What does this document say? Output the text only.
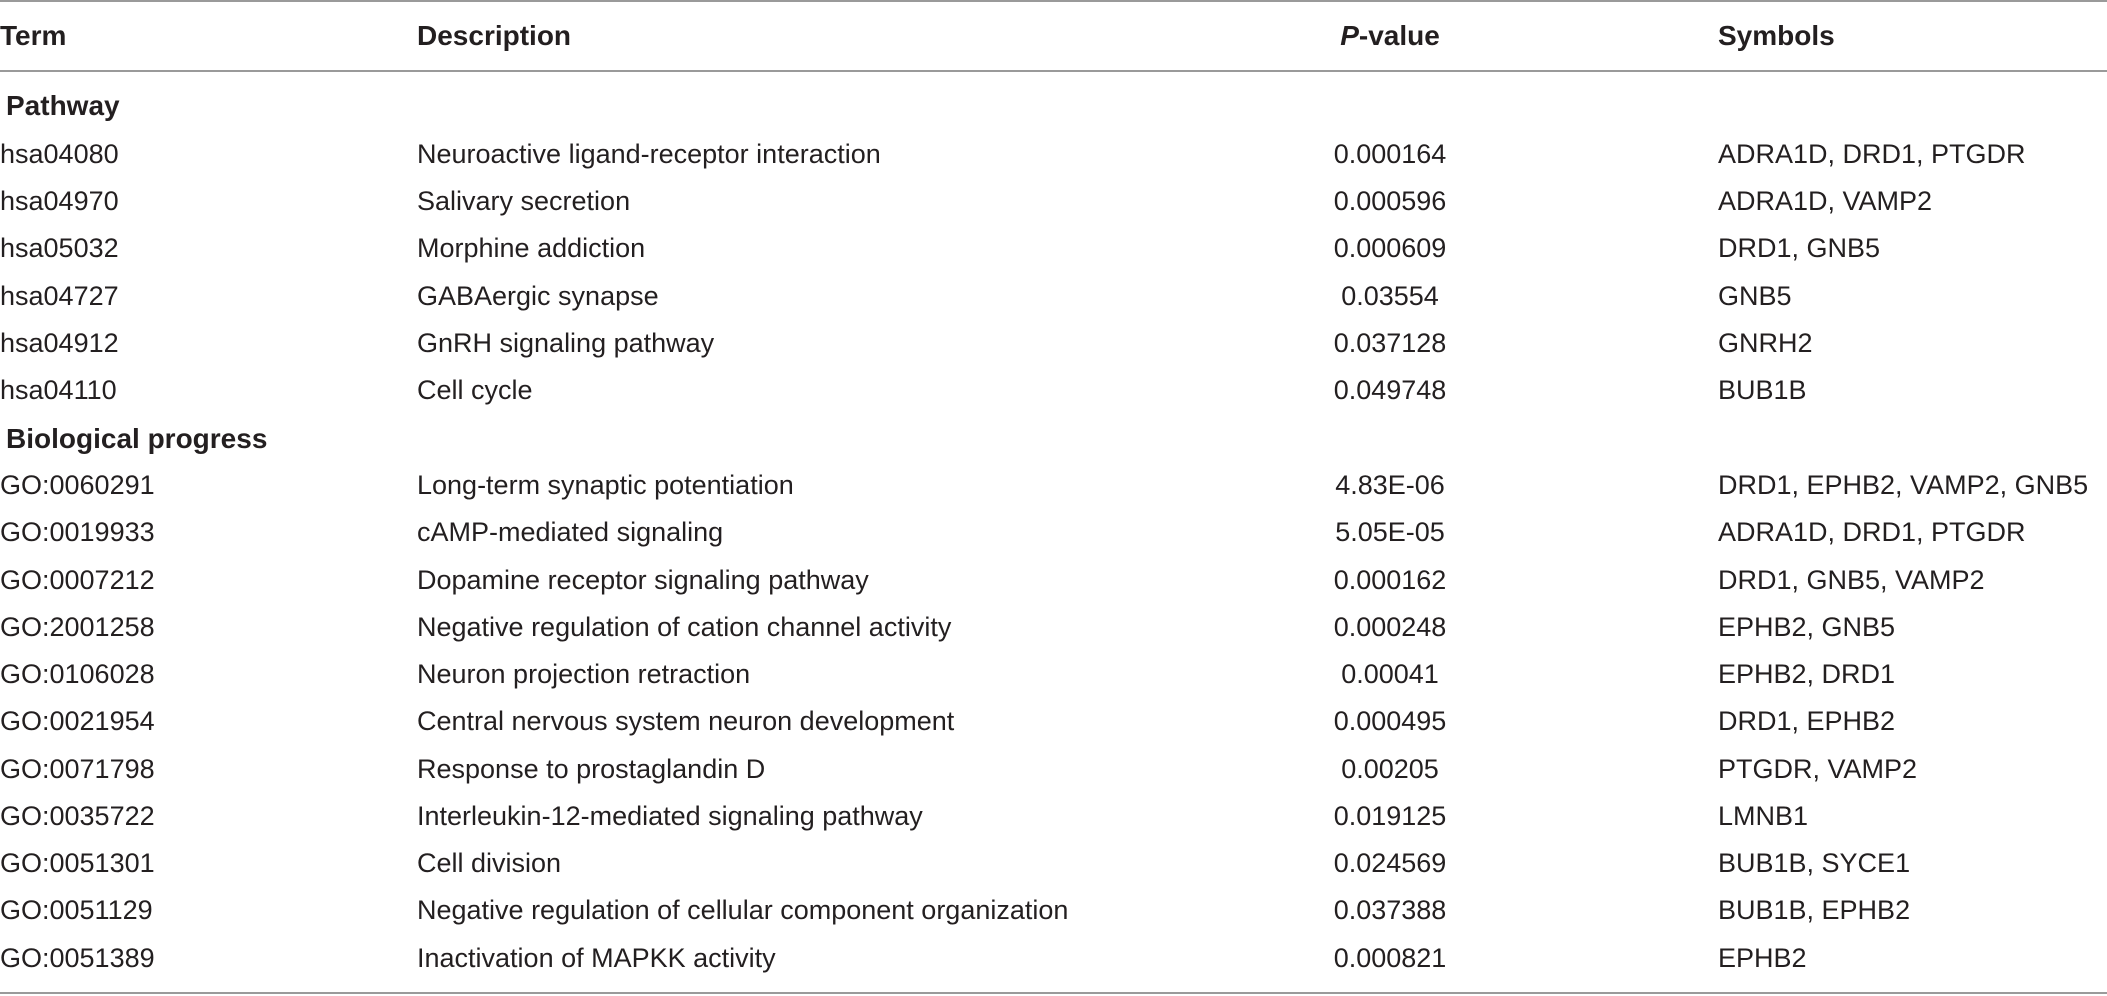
Term	Description	P-value	Symbols
Pathway
hsa04080	Neuroactive ligand-receptor interaction	0.000164	ADRA1D, DRD1, PTGDR
hsa04970	Salivary secretion	0.000596	ADRA1D, VAMP2
hsa05032	Morphine addiction	0.000609	DRD1, GNB5
hsa04727	GABAergic synapse	0.03554	GNB5
hsa04912	GnRH signaling pathway	0.037128	GNRH2
hsa04110	Cell cycle	0.049748	BUB1B
Biological progress
GO:0060291	Long-term synaptic potentiation	4.83E-06	DRD1, EPHB2, VAMP2, GNB5
GO:0019933	cAMP-mediated signaling	5.05E-05	ADRA1D, DRD1, PTGDR
GO:0007212	Dopamine receptor signaling pathway	0.000162	DRD1, GNB5, VAMP2
GO:2001258	Negative regulation of cation channel activity	0.000248	EPHB2, GNB5
GO:0106028	Neuron projection retraction	0.00041	EPHB2, DRD1
GO:0021954	Central nervous system neuron development	0.000495	DRD1, EPHB2
GO:0071798	Response to prostaglandin D	0.00205	PTGDR, VAMP2
GO:0035722	Interleukin-12-mediated signaling pathway	0.019125	LMNB1
GO:0051301	Cell division	0.024569	BUB1B, SYCE1
GO:0051129	Negative regulation of cellular component organization	0.037388	BUB1B, EPHB2
GO:0051389	Inactivation of MAPKK activity	0.000821	EPHB2
